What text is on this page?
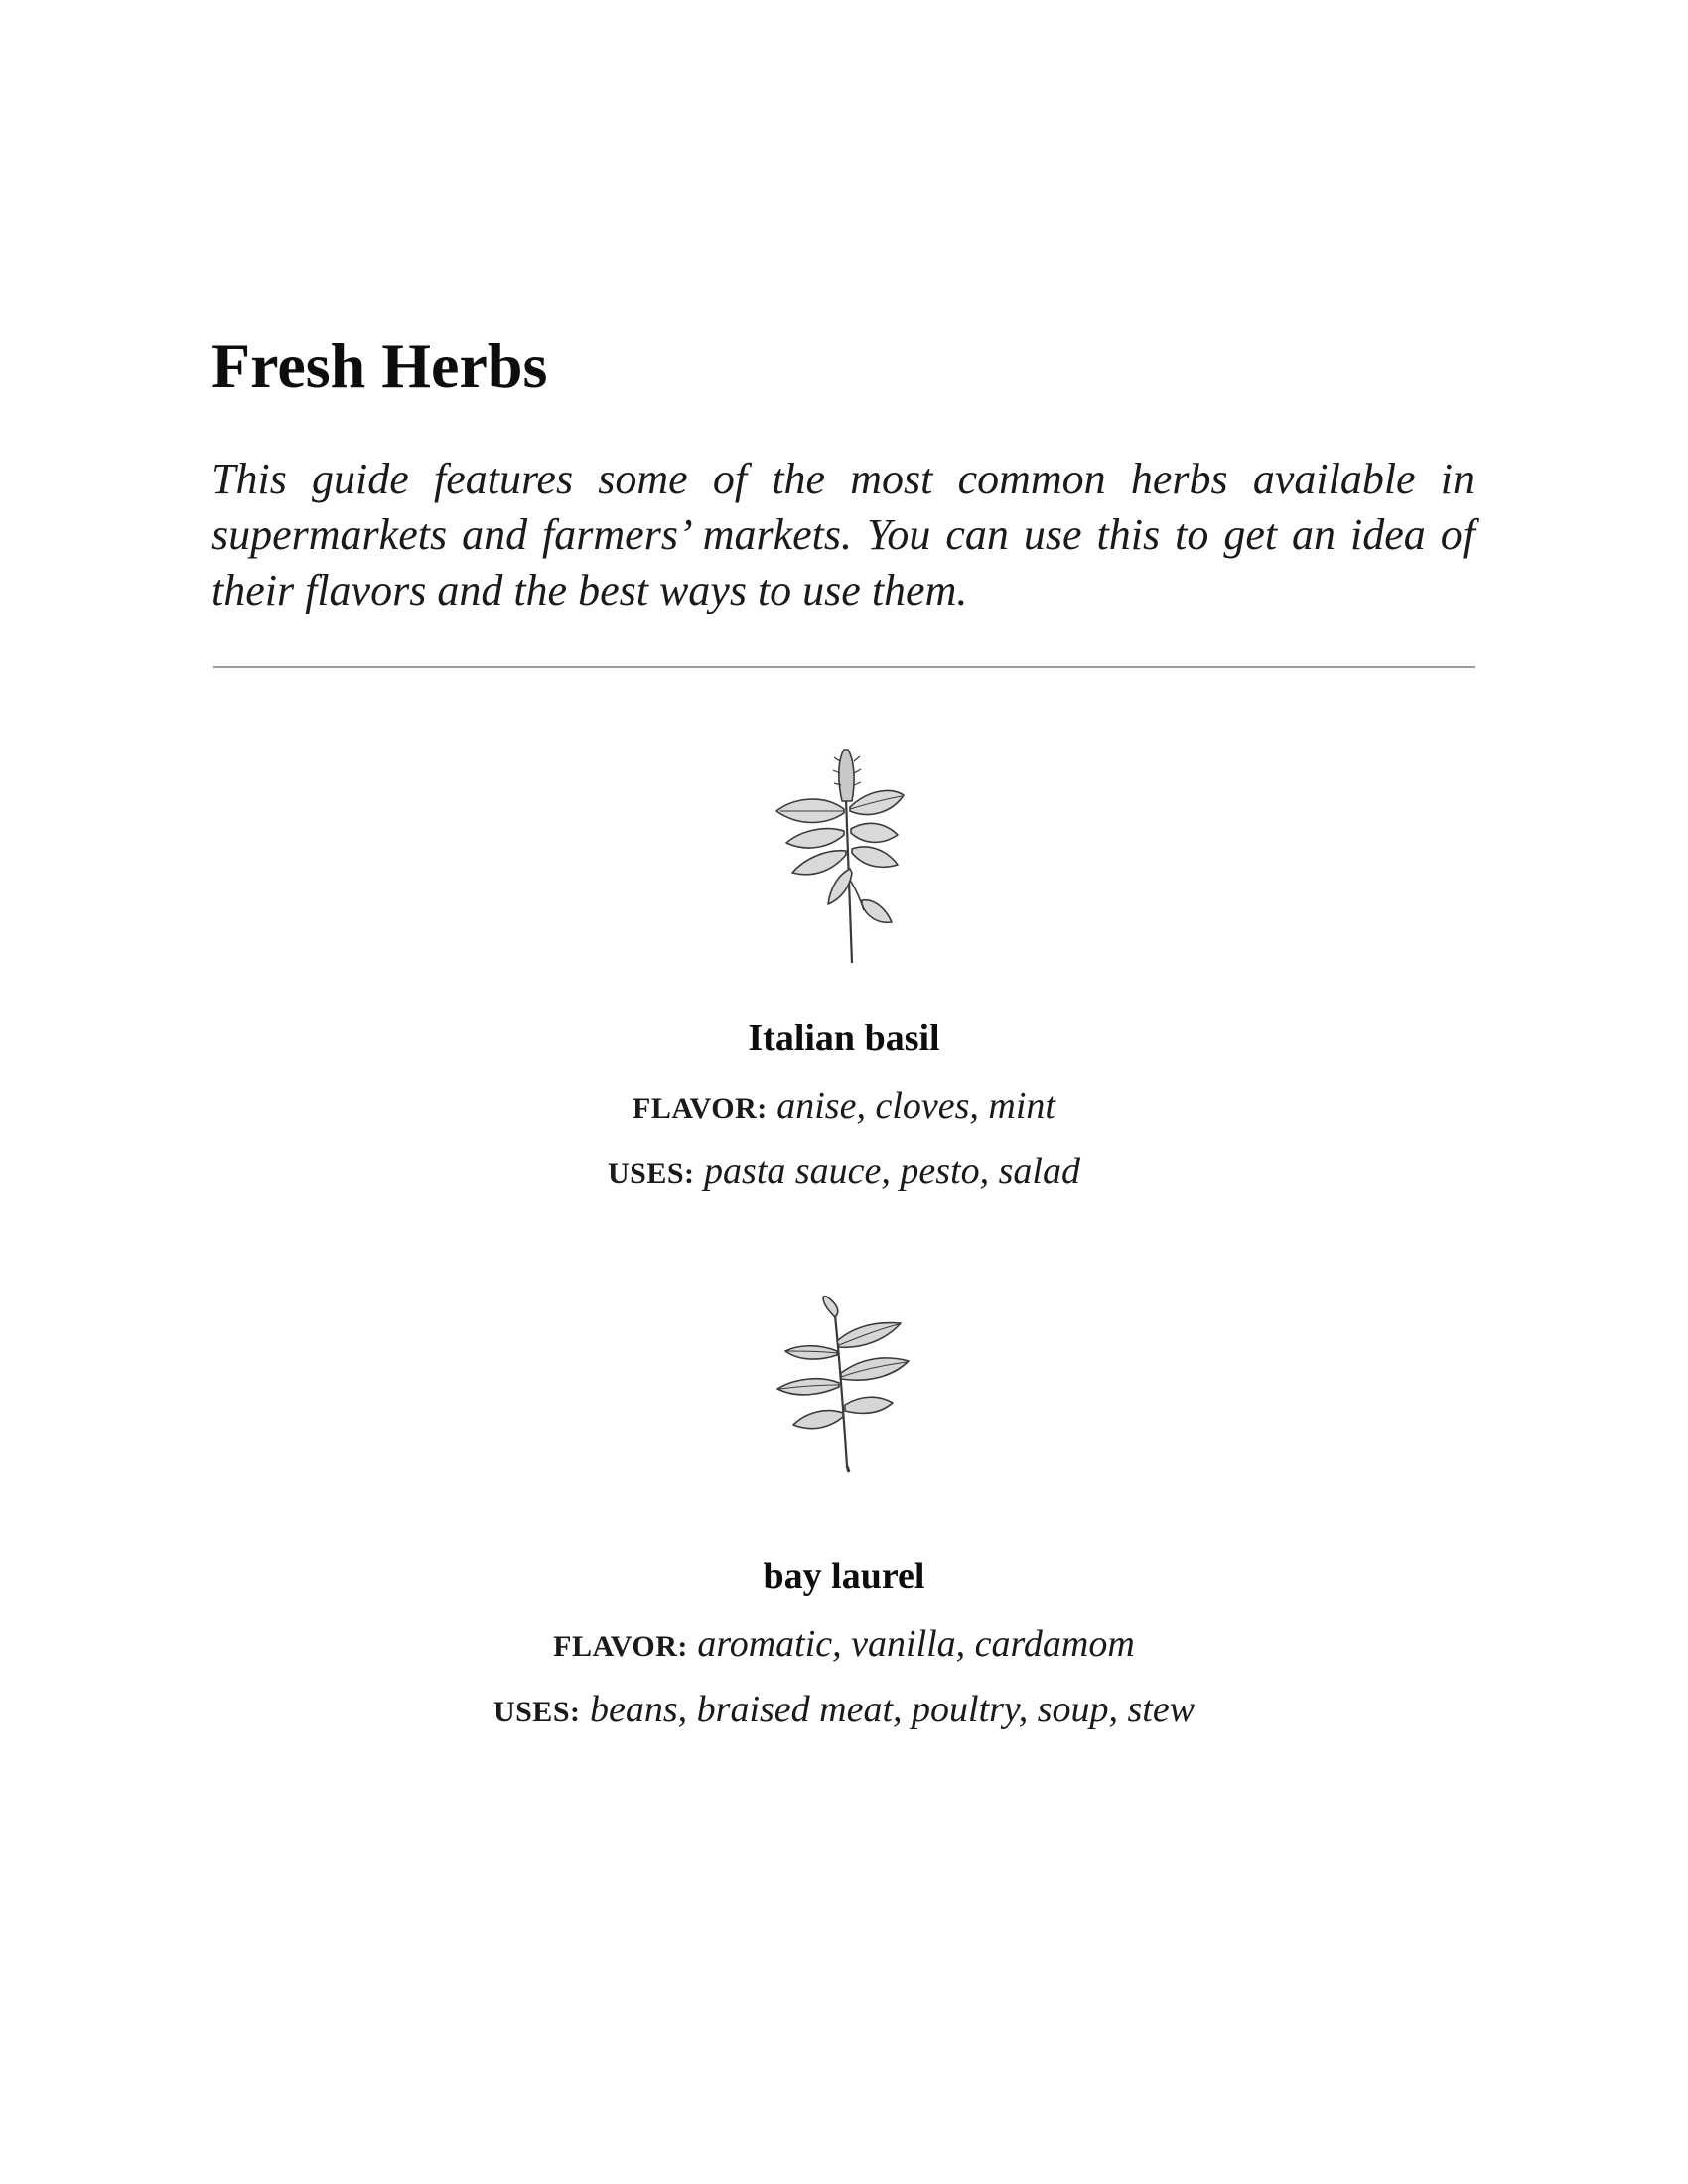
Fresh Herbs

This guide features some of the most common herbs available in supermarkets and farmers’ markets. You can use this to get an idea of their flavors and the best ways to use them.

Italian basil

FLAVOR: anise, cloves, mint

USES: pasta sauce, pesto, salad

bay laurel

FLAVOR: aromatic, vanilla, cardamom

USES: beans, braised meat, poultry, soup, stew
